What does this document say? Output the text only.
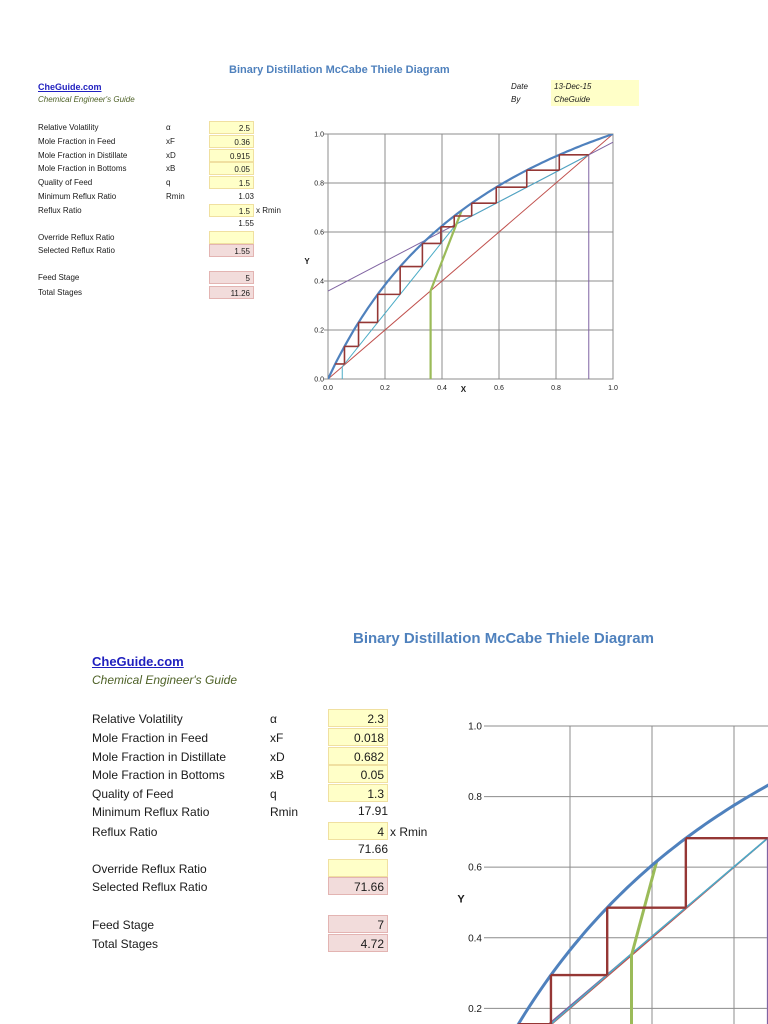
Binary Distillation McCabe Thiele Diagram
CheGuide.com
Chemical Engineer's Guide
Date	13-Dec-15
By	CheGuide
Relative Volatility	α	2.5
Mole Fraction in Feed	xF	0.36
Mole Fraction in Distillate	xD	0.915
Mole Fraction in Bottoms	xB	0.05
Quality of Feed	q	1.5
Minimum Reflux Ratio	Rmin	1.03
Reflux Ratio	1.5 x Rmin
1.55
Override Reflux Ratio
Selected Reflux Ratio	1.55
Feed Stage	5
Total Stages	11.26
0.0
0.2
0.4
0.6
0.8
1.0
0.0	0.2	0.4	0.6	0.8	1.0
X
Y
Binary Distillation McCabe Thiele Diagram
CheGuide.com
Chemical Engineer's Guide
Relative Volatility	α	2.3
Mole Fraction in Feed	xF	0.018
Mole Fraction in Distillate	xD	0.682
Mole Fraction in Bottoms	xB	0.05
Quality of Feed	q	1.3
Minimum Reflux Ratio	Rmin	17.91
Reflux Ratio	4 x Rmin
71.66
Override Reflux Ratio
Selected Reflux Ratio	71.66
Feed Stage	7
Total Stages	4.72
0.2
0.4
0.6
0.8
1.0
Y
